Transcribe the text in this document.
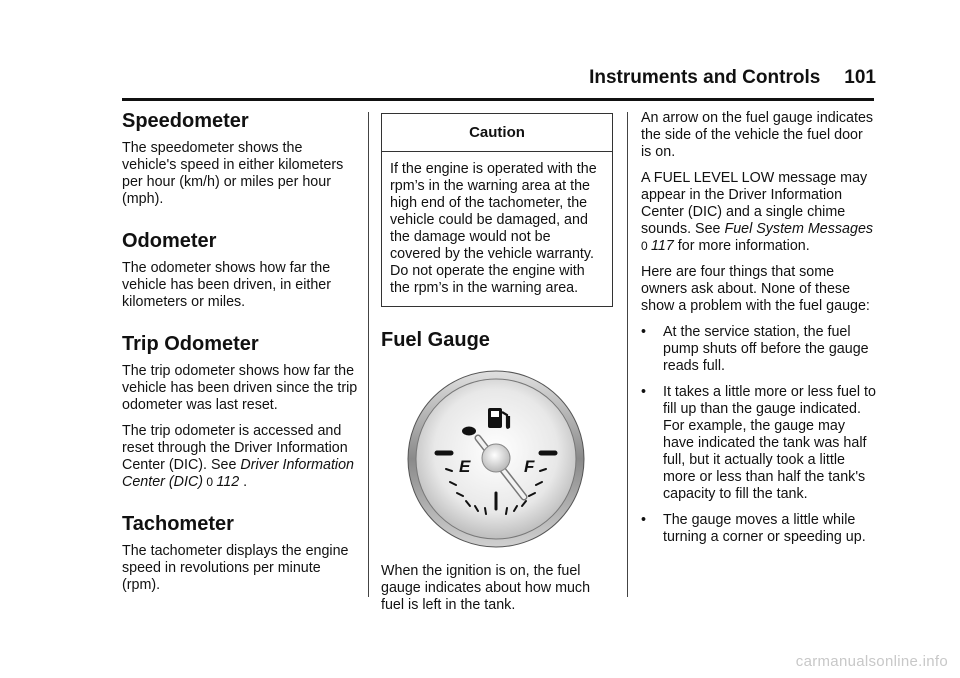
Instruments and Controls 101
Speedometer

The speedometer shows the vehicle's speed in either kilometers per hour (km/h) or miles per hour (mph).

Odometer

The odometer shows how far the vehicle has been driven, in either kilometers or miles.

Trip Odometer

The trip odometer shows how far the vehicle has been driven since the trip odometer was last reset.

The trip odometer is accessed and reset through the Driver Information Center (DIC). See Driver Information Center (DIC) 0 112 .

Tachometer

The tachometer displays the engine speed in revolutions per minute (rpm).

Caution
If the engine is operated with the rpm’s in the warning area at the high end of the tachometer, the vehicle could be damaged, and the damage would not be covered by the vehicle warranty. Do not operate the engine with the rpm’s in the warning area.
Fuel Gauge
E	F

When the ignition is on, the fuel gauge indicates about how much fuel is left in the tank.

An arrow on the fuel gauge indicates the side of the vehicle the fuel door is on.

A FUEL LEVEL LOW message may appear in the Driver Information Center (DIC) and a single chime sounds. See Fuel System Messages 0 117 for more information.

Here are four things that some owners ask about. None of these show a problem with the fuel gauge:

•	At the service station, the fuel pump shuts off before the gauge reads full.
•	It takes a little more or less fuel to fill up than the gauge indicated. For example, the gauge may have indicated the tank was half full, but it actually took a little more or less than half the tank's capacity to fill the tank.
•	The gauge moves a little while turning a corner or speeding up.
carmanualsonline.info
